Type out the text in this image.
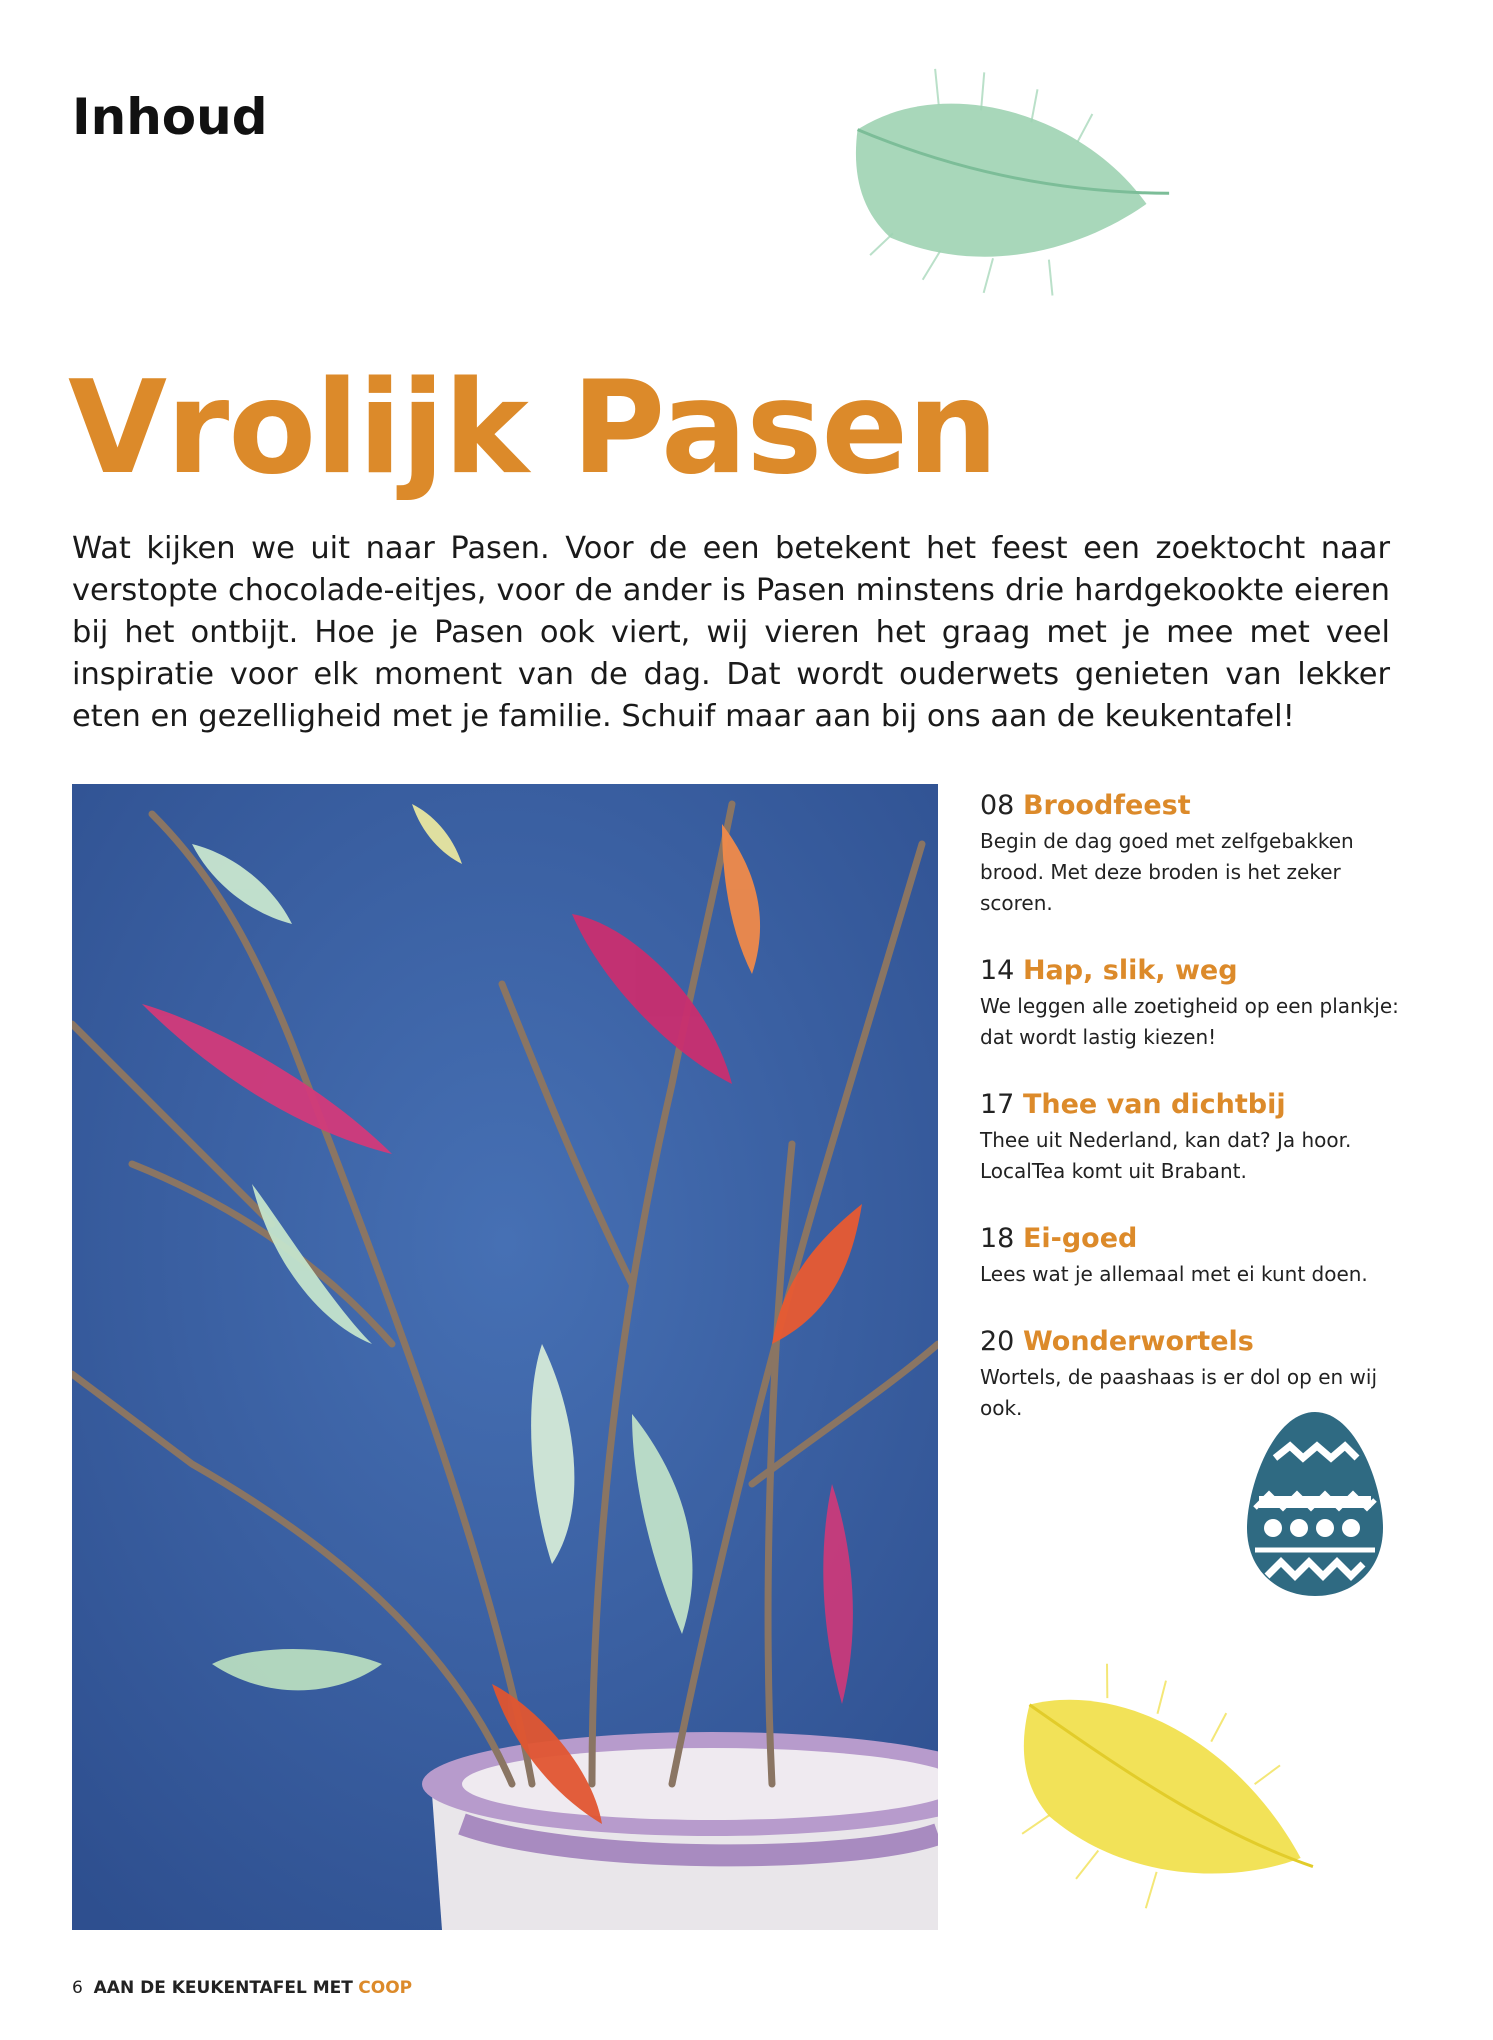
Inhoud
Vrolijk Pasen

Wat kijken we uit naar Pasen. Voor de een betekent het feest een zoektocht naar verstopte chocolade-eitjes, voor de ander is Pasen minstens drie hardgekookte eieren bij het ontbijt. Hoe je Pasen ook viert, wij vieren het graag met je mee met veel inspiratie voor elk moment van de dag. Dat wordt ouderwets genieten van lekker eten en gezelligheid met je familie. Schuif maar aan bij ons aan de keukentafel!

08 Broodfeest

Begin de dag goed met zelfgebakken brood. Met deze broden is het zeker scoren.

14 Hap, slik, weg

We leggen alle zoetigheid op een plankje: dat wordt lastig kiezen!

17 Thee van dichtbij

Thee uit Nederland, kan dat? Ja hoor. LocalTea komt uit Brabant.

18 Ei-goed

Lees wat je allemaal met ei kunt doen.

20 Wonderwortels

Wortels, de paashaas is er dol op en wij ook.

6 AAN DE KEUKENTAFEL MET COOP
